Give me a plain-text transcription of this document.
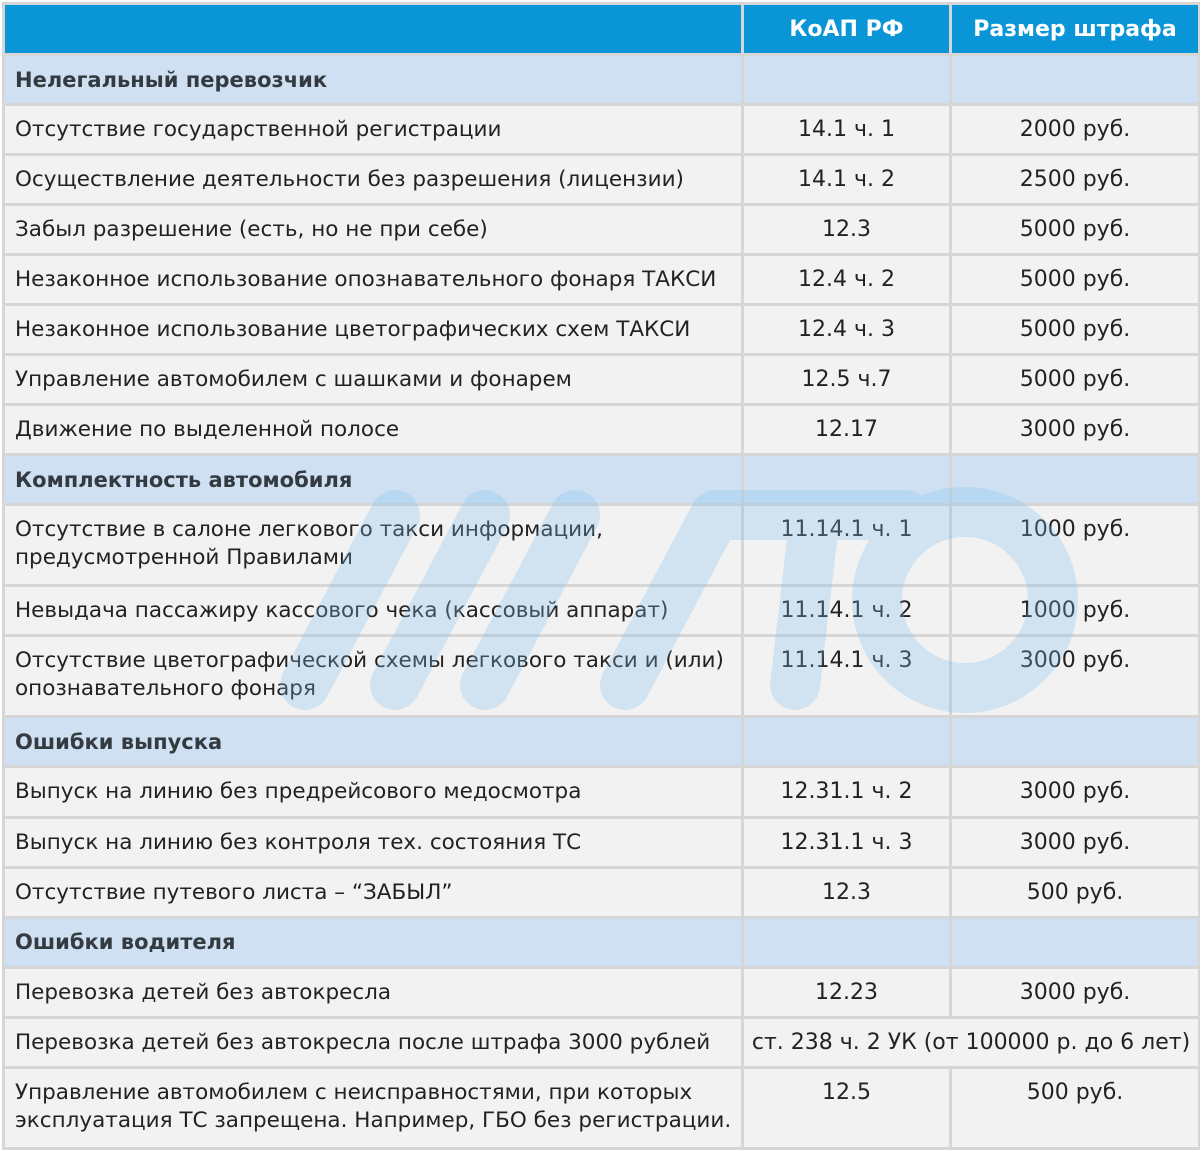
	КоАП РФ	Размер штрафа
Нелегальный перевозчик		
Отсутствие государственной регистрации	14.1 ч. 1	2000 руб.
Осуществление деятельности без разрешения (лицензии)	14.1 ч. 2	2500 руб.
Забыл разрешение (есть, но не при себе)	12.3	5000 руб.
Незаконное использование опознавательного фонаря ТАКСИ	12.4 ч. 2	5000 руб.
Незаконное использование цветографических схем ТАКСИ	12.4 ч. 3	5000 руб.
Управление автомобилем с шашками и фонарем	12.5 ч.7	5000 руб.
Движение по выделенной полосе	12.17	3000 руб.
Комплектность автомобиля		
Отсутствие в салоне легкового такси информации, предусмотренной Правилами	11.14.1 ч. 1	1000 руб.
Невыдача пассажиру кассового чека (кассовый аппарат)	11.14.1 ч. 2	1000 руб.
Отсутствие цветографической схемы легкового такси и (или) опознавательного фонаря	11.14.1 ч. 3	3000 руб.
Ошибки выпуска		
Выпуск на линию без предрейсового медосмотра	12.31.1 ч. 2	3000 руб.
Выпуск на линию без контроля тех. состояния ТС	12.31.1 ч. 3	3000 руб.
Отсутствие путевого листа – “ЗАБЫЛ”	12.3	500 руб.
Ошибки водителя		
Перевозка детей без автокресла	12.23	3000 руб.
Перевозка детей без автокресла после штрафа 3000 рублей	ст. 238 ч. 2 УК (от 100000 р. до 6 лет)	
Управление автомобилем с неисправностями, при которых эксплуатация ТС запрещена. Например, ГБО без регистрации.	12.5	500 руб.
